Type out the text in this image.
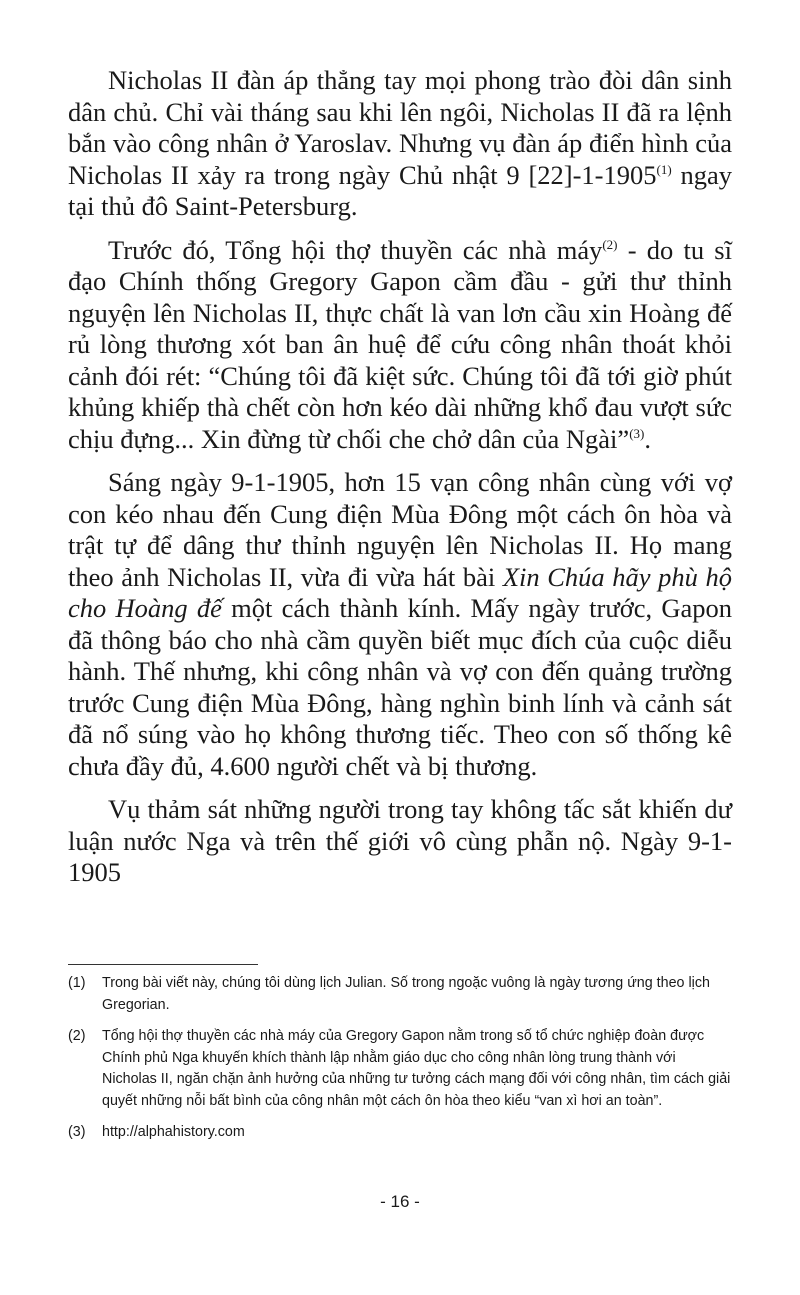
Nicholas II đàn áp thẳng tay mọi phong trào đòi dân sinh dân chủ. Chỉ vài tháng sau khi lên ngôi, Nicholas II đã ra lệnh bắn vào công nhân ở Yaroslav. Nhưng vụ đàn áp điển hình của Nicholas II xảy ra trong ngày Chủ nhật 9 [22]-1-1905$^{(1)}$ ngay tại thủ đô Saint-Petersburg.

Trước đó, Tổng hội thợ thuyền các nhà máy$^{(2)}$ - do tu sĩ đạo Chính thống Gregory Gapon cầm đầu - gửi thư thỉnh nguyện lên Nicholas II, thực chất là van lơn cầu xin Hoàng đế rủ lòng thương xót ban ân huệ để cứu công nhân thoát khỏi cảnh đói rét: “Chúng tôi đã kiệt sức. Chúng tôi đã tới giờ phút khủng khiếp thà chết còn hơn kéo dài những khổ đau vượt sức chịu đựng... Xin đừng từ chối che chở dân của Ngài”$^{(3)}$.

Sáng ngày 9-1-1905, hơn 15 vạn công nhân cùng với vợ con kéo nhau đến Cung điện Mùa Đông một cách ôn hòa và trật tự để dâng thư thỉnh nguyện lên Nicholas II. Họ mang theo ảnh Nicholas II, vừa đi vừa hát bài Xin Chúa hãy phù hộ cho Hoàng đế một cách thành kính. Mấy ngày trước, Gapon đã thông báo cho nhà cầm quyền biết mục đích của cuộc diễu hành. Thế nhưng, khi công nhân và vợ con đến quảng trường trước Cung điện Mùa Đông, hàng nghìn binh lính và cảnh sát đã nổ súng vào họ không thương tiếc. Theo con số thống kê chưa đầy đủ, 4.600 người chết và bị thương.

Vụ thảm sát những người trong tay không tấc sắt khiến dư luận nước Nga và trên thế giới vô cùng phẫn nộ. Ngày 9-1-1905

(1) Trong bài viết này, chúng tôi dùng lịch Julian. Số trong ngoặc vuông là ngày tương ứng theo lịch Gregorian.
(2) Tổng hội thợ thuyền các nhà máy của Gregory Gapon nằm trong số tổ chức nghiệp đoàn được Chính phủ Nga khuyến khích thành lập nhằm giáo dục cho công nhân lòng trung thành với Nicholas II, ngăn chặn ảnh hưởng của những tư tưởng cách mạng đối với công nhân, tìm cách giải quyết những nỗi bất bình của công nhân một cách ôn hòa theo kiểu “van xì hơi an toàn”.
(3) http://alphahistory.com
- 16 -
